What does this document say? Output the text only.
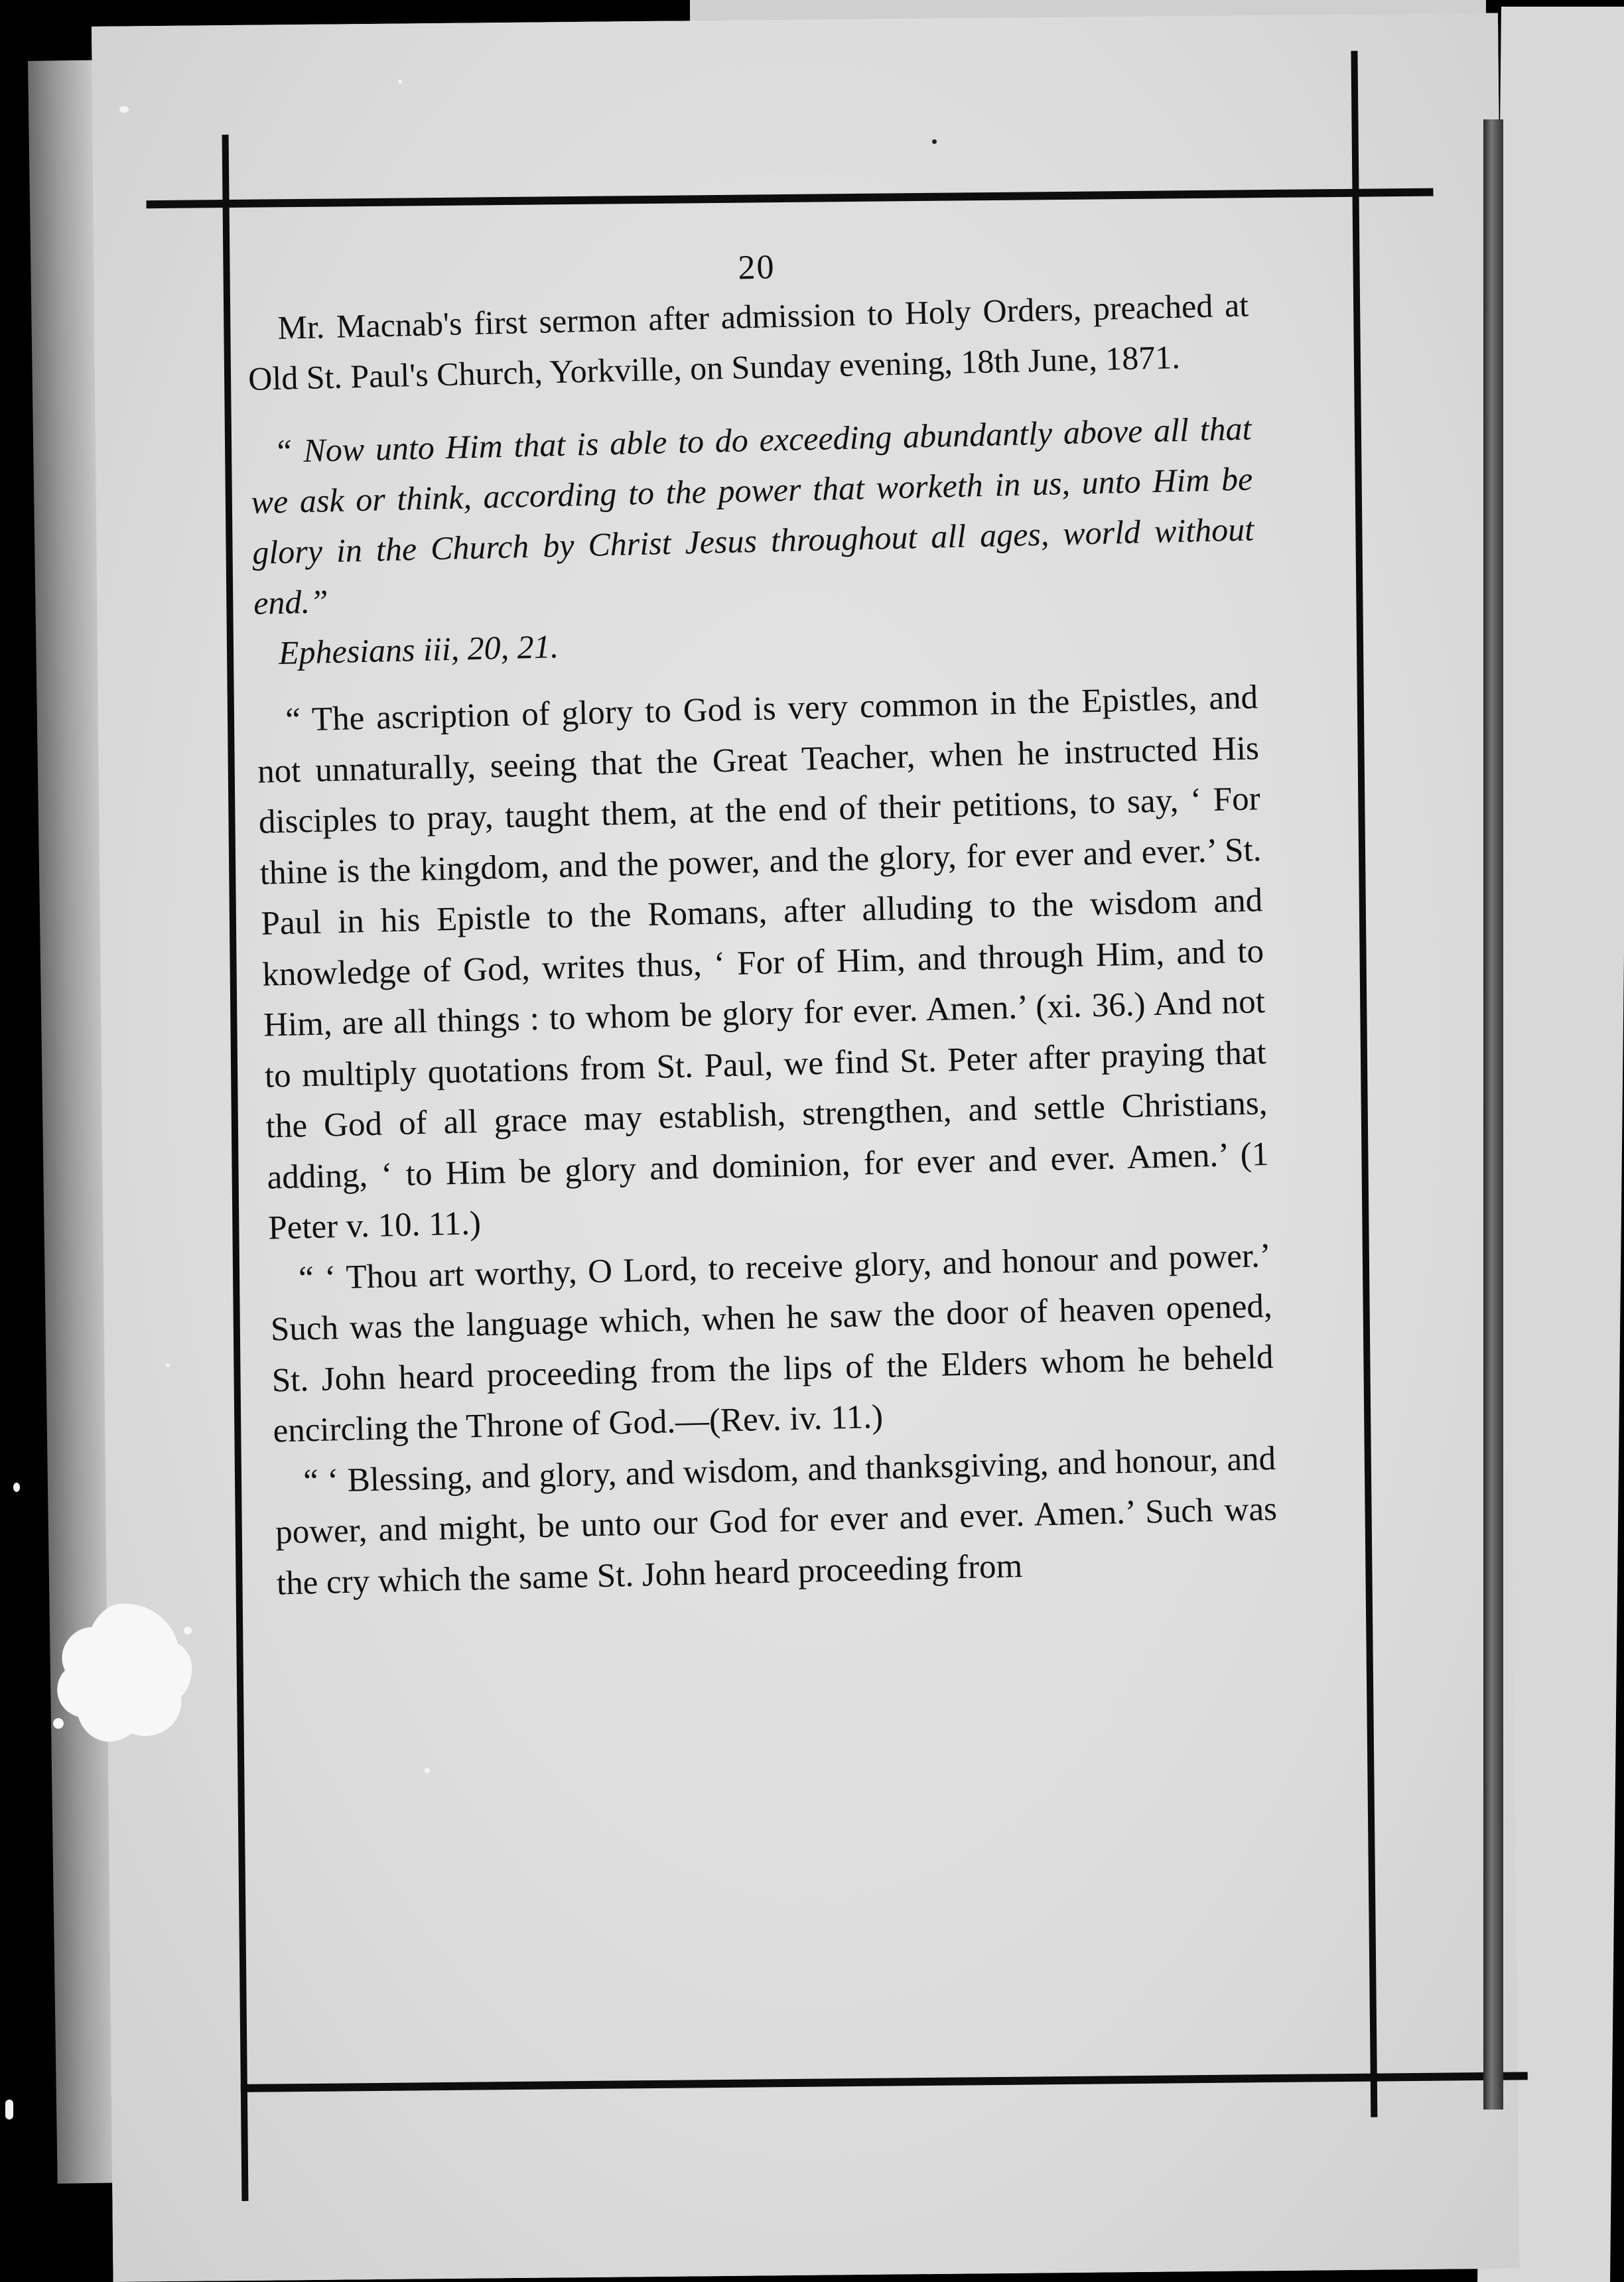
20

Mr. Macnab's first sermon after admission to Holy Orders, preached at Old St. Paul's Church, Yorkville, on Sunday evening, 18th June, 1871.

“ Now unto Him that is able to do exceeding abundantly above all that we ask or think, according to the power that worketh in us, unto Him be glory in the Church by Christ Jesus throughout all ages, world without end.”
Ephesians iii, 20, 21.

“ The ascription of glory to God is very common in the Epistles, and not unnaturally, seeing that the Great Teacher, when he instructed His disciples to pray, taught them, at the end of their petitions, to say, ‘ For thine is the kingdom, and the power, and the glory, for ever and ever.’ St. Paul in his Epistle to the Romans, after alluding to the wisdom and knowledge of God, writes thus, ‘ For of Him, and through Him, and to Him, are all things : to whom be glory for ever. Amen.’ (xi. 36.) And not to multiply quotations from St. Paul, we find St. Peter after praying that the God of all grace may establish, strengthen, and settle Christians, adding, ‘ to Him be glory and dominion, for ever and ever. Amen.’ (1 Peter v. 10. 11.)

“ ‘ Thou art worthy, O Lord, to receive glory, and honour and power.’ Such was the language which, when he saw the door of heaven opened, St. John heard proceeding from the lips of the Elders whom he beheld encircling the Throne of God.—(Rev. iv. 11.)

“ ‘ Blessing, and glory, and wisdom, and thanksgiving, and honour, and power, and might, be unto our God for ever and ever. Amen.’ Such was the cry which the same St. John heard proceeding from
